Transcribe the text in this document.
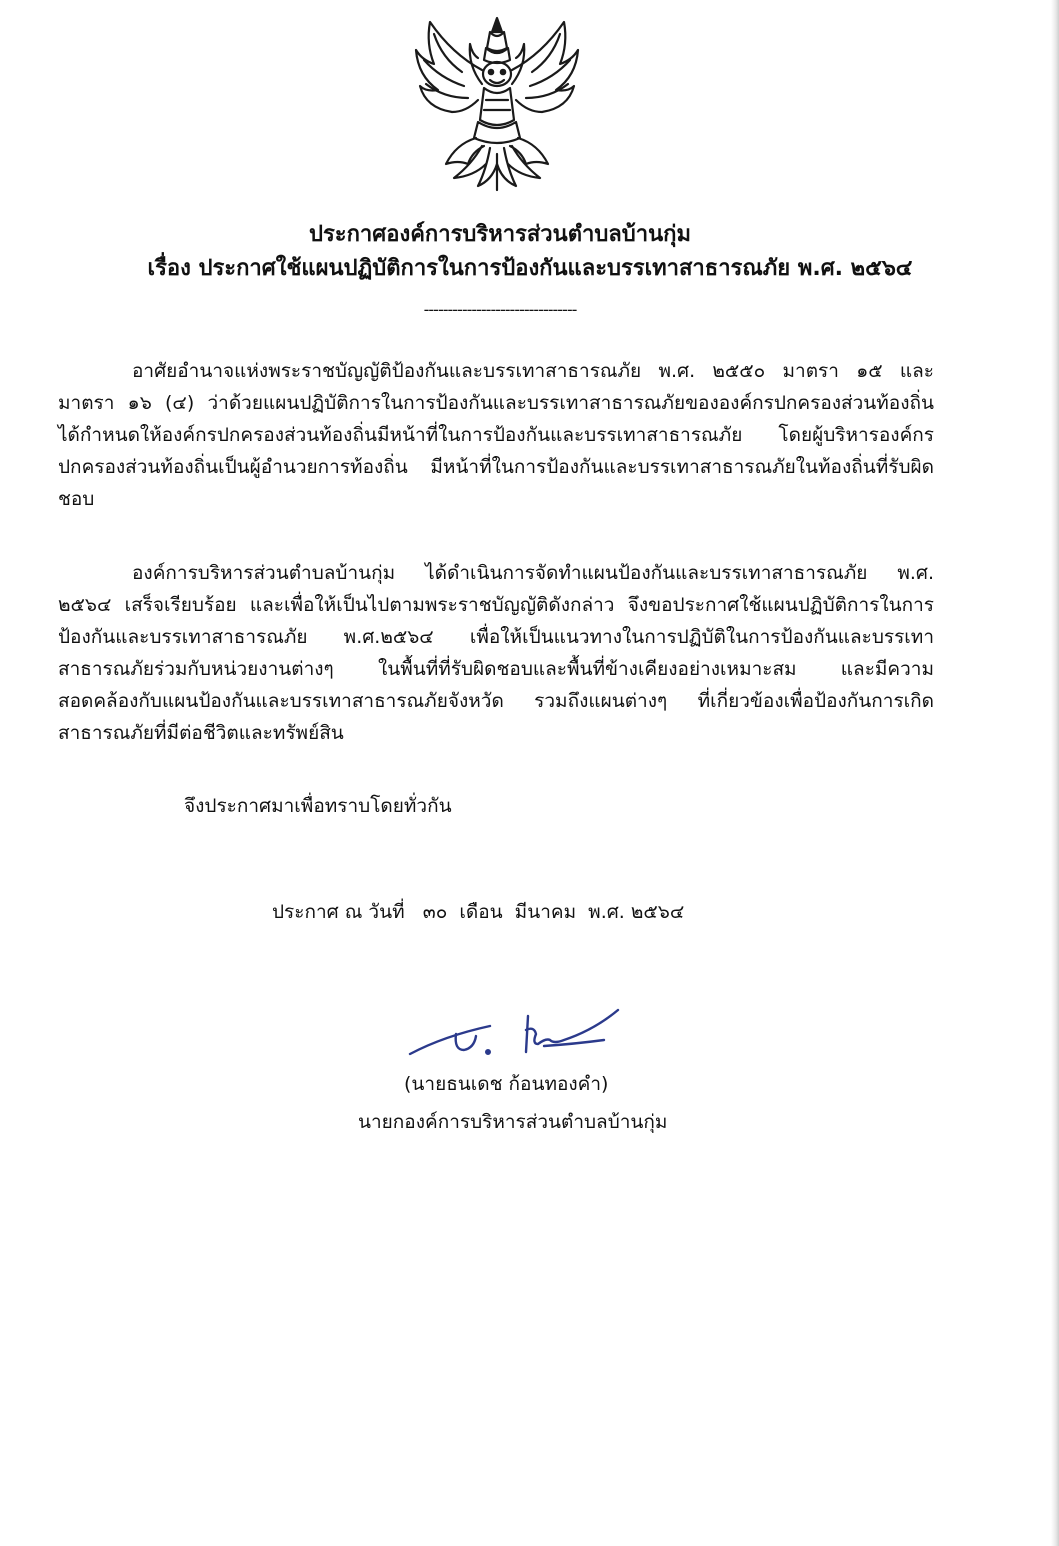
ประกาศองค์การบริหารส่วนตำบลบ้านกุ่ม
เรื่อง ประกาศใช้แผนปฏิบัติการในการป้องกันและบรรเทาสาธารณภัย พ.ศ. ๒๕๖๔
--------------------------------

อาศัยอำนาจแห่งพระราชบัญญัติป้องกันและบรรเทาสาธารณภัย พ.ศ. ๒๕๕๐ มาตรา ๑๕ และมาตรา ๑๖ (๔) ว่าด้วยแผนปฏิบัติการในการป้องกันและบรรเทาสาธารณภัยขององค์กรปกครองส่วนท้องถิ่น ได้กำหนดให้องค์กรปกครองส่วนท้องถิ่นมีหน้าที่ในการป้องกันและบรรเทาสาธารณภัย โดยผู้บริหารองค์กรปกครองส่วนท้องถิ่นเป็นผู้อำนวยการท้องถิ่น มีหน้าที่ในการป้องกันและบรรเทาสาธารณภัยในท้องถิ่นที่รับผิดชอบ

องค์การบริหารส่วนตำบลบ้านกุ่ม ได้ดำเนินการจัดทำแผนป้องกันและบรรเทาสาธารณภัย พ.ศ. ๒๕๖๔ เสร็จเรียบร้อย และเพื่อให้เป็นไปตามพระราชบัญญัติดังกล่าว จึงขอประกาศใช้แผนปฏิบัติการในการป้องกันและบรรเทาสาธารณภัย พ.ศ.๒๕๖๔ เพื่อให้เป็นแนวทางในการปฏิบัติในการป้องกันและบรรเทาสาธารณภัยร่วมกับหน่วยงานต่างๆ ในพื้นที่ที่รับผิดชอบและพื้นที่ข้างเคียงอย่างเหมาะสม และมีความสอดคล้องกับแผนป้องกันและบรรเทาสาธารณภัยจังหวัด รวมถึงแผนต่างๆ ที่เกี่ยวข้องเพื่อป้องกันการเกิดสาธารณภัยที่มีต่อชีวิตและทรัพย์สิน

จึงประกาศมาเพื่อทราบโดยทั่วกัน
ประกาศ ณ วันที่   ๓๐  เดือน  มีนาคม  พ.ศ. ๒๕๖๔
(นายธนเดช ก้อนทองคำ)
นายกองค์การบริหารส่วนตำบลบ้านกุ่ม
